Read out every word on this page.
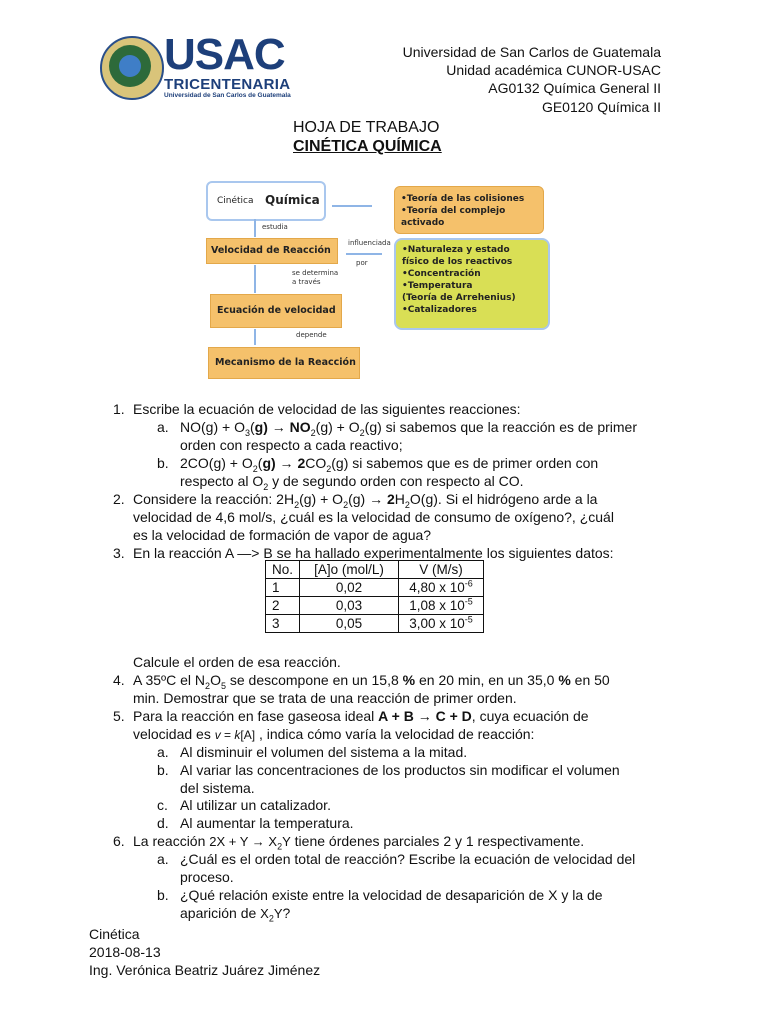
USAC
TRICENTENARIA
Universidad de San Carlos de Guatemala
Universidad de San Carlos de Guatemala
Unidad académica CUNOR-USAC
AG0132 Química General II
GE0120 Química II
HOJA DE TRABAJO
CINÉTICA QUÍMICA
Cinética Química	•Teoría de las colisiones
•Teoría del complejo
activado
estudia
Velocidad de Reacción
influenciada
por
•Naturaleza y estado
físico de los reactivos
•Concentración
•Temperatura
(Teoría de Arrehenius)
•Catalizadores
se determina
a través
Ecuación de velocidad
depende
Mecanismo de la Reacción
1. Escribe la ecuación de velocidad de las siguientes reacciones:
a. $NO(g) + O_3(g) \to NO_2(g) + O_2(g)$ si sabemos que la reacción es de primer
orden con respecto a cada reactivo;
b. $2CO(g) + O_2(g) \to 2CO_2(g)$ si sabemos que es de primer orden con
respecto al $O_2$ y de segundo orden con respecto al CO.
2. Considere la reacción: $2H_2(g) + O_2(g) \to 2H_2O(g)$. Si el hidrógeno arde a la
velocidad de 4,6 mol/s, ¿cuál es la velocidad de consumo de oxígeno?, ¿cuál
es la velocidad de formación de vapor de agua?
3. En la reacción A —> B se ha hallado experimentalmente los siguientes datos:
No.	[A]o (mol/L)	V (M/s)
1	0,02	4,80 x $10^{-6}$
2	0,03	1,08 x $10^{-5}$
3	0,05	3,00 x $10^{-5}$
Calcule el orden de esa reacción.
4. A 35ºC el $N_2O_5$ se descompone en un 15,8 % en 20 min, en un 35,0 % en 50
min. Demostrar que se trata de una reacción de primer orden.
5. Para la reacción en fase gaseosa ideal A + B → C + D, cuya ecuación de
velocidad es v = k[A] , indica cómo varía la velocidad de reacción:
a. Al disminuir el volumen del sistema a la mitad.
b. Al variar las concentraciones de los productos sin modificar el volumen
del sistema.
c. Al utilizar un catalizador.
d. Al aumentar la temperatura.
6. La reacción $2X + Y \to X_2Y$ tiene órdenes parciales 2 y 1 respectivamente.
a. ¿Cuál es el orden total de reacción? Escribe la ecuación de velocidad del
proceso.
b. ¿Qué relación existe entre la velocidad de desaparición de X y la de
aparición de $X_2Y$?
Cinética
2018-08-13
Ing. Verónica Beatriz Juárez Jiménez
